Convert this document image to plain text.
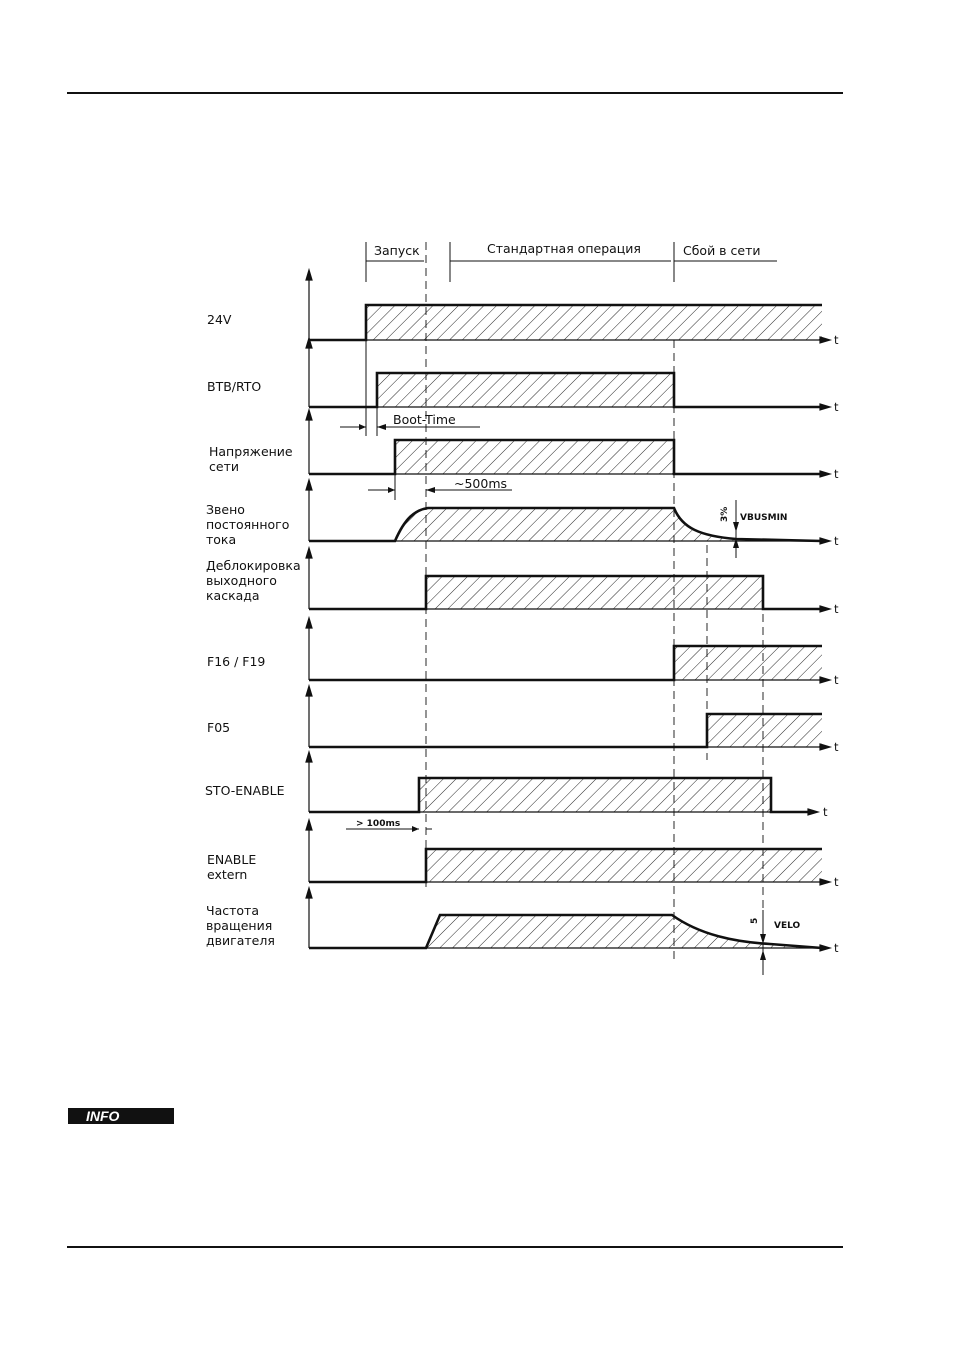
Запуск	Стандартная операция	Сбой в сети
24V
BTB/RTO
Напряжение сети
Звено постоянного тока
Деблокировка выходного каскада
F16 / F19
F05
STO-ENABLE
ENABLE extern
Частота вращения двигателя
t
t
t
t
t
t
t
t
t
t
Boot-Time
~500ms
3% VBUSMIN
> 100ms
5
VELO
INFO
